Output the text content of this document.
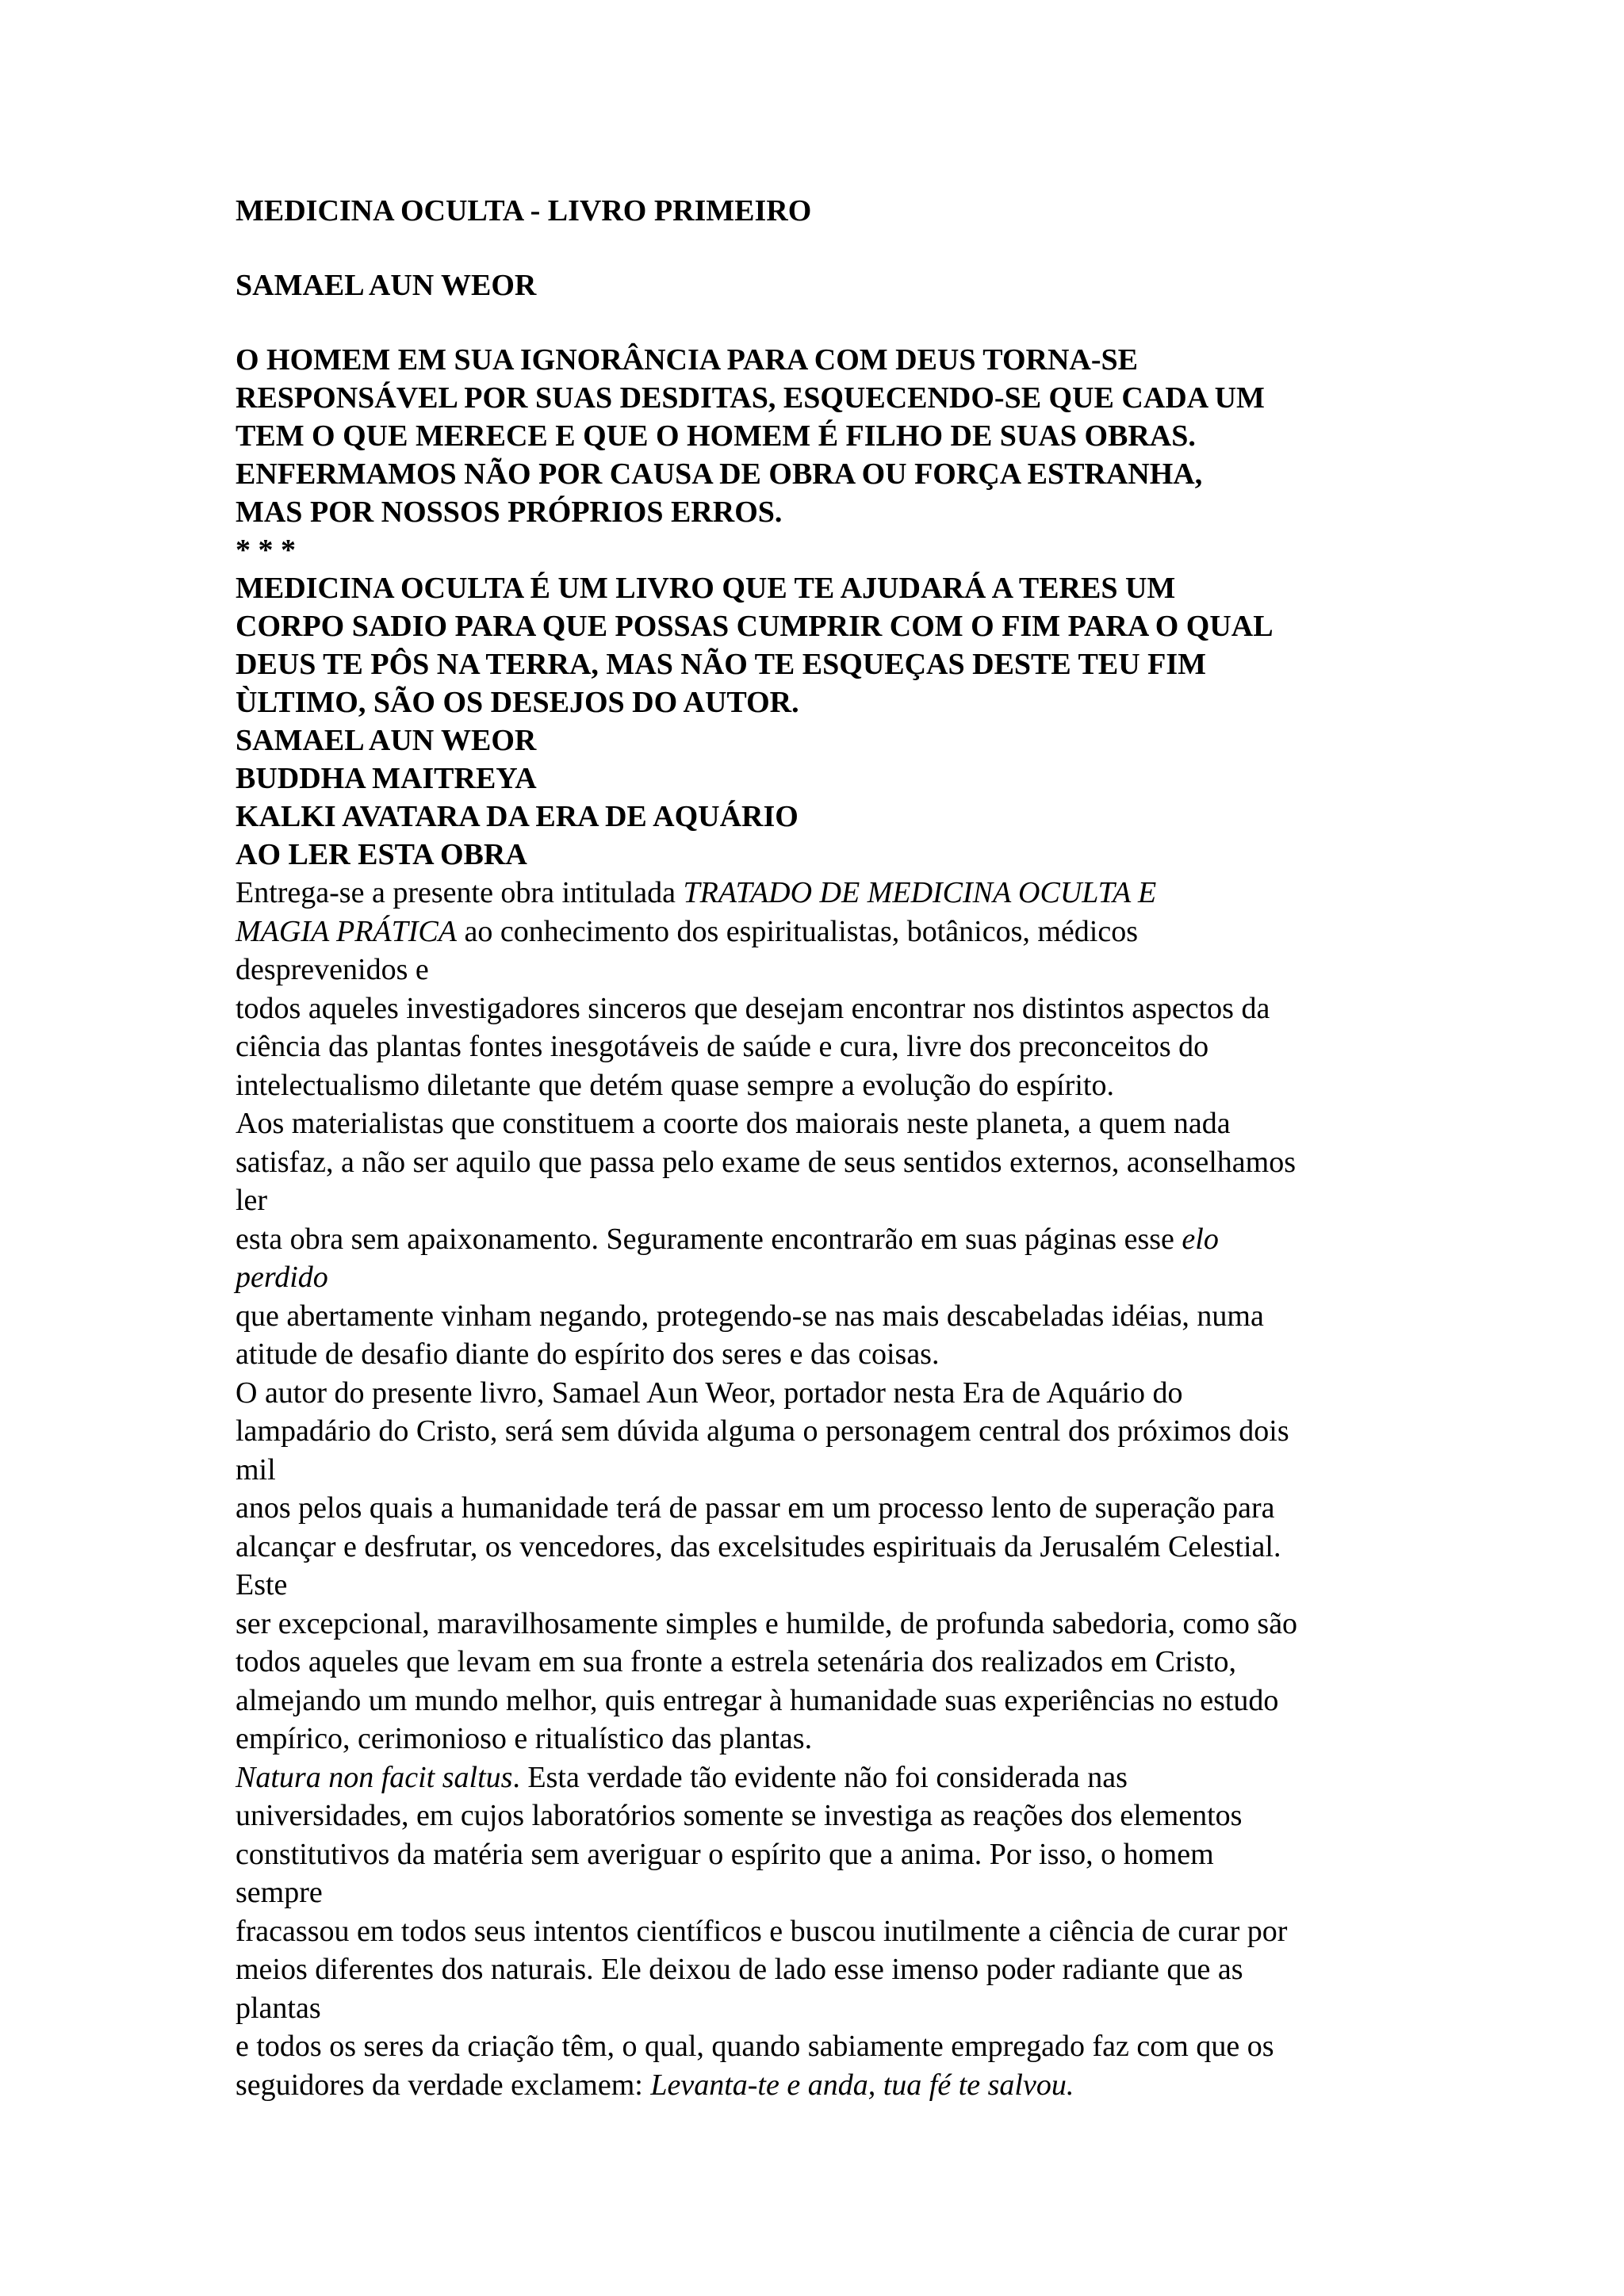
MEDICINA OCULTA - LIVRO PRIMEIRO

SAMAEL AUN WEOR

O HOMEM EM SUA IGNORÂNCIA PARA COM DEUS TORNA-SE
RESPONSÁVEL POR SUAS DESDITAS, ESQUECENDO-SE QUE CADA UM
TEM O QUE MERECE E QUE O HOMEM É FILHO DE SUAS OBRAS.
ENFERMAMOS NÃO POR CAUSA DE OBRA OU FORÇA ESTRANHA,
MAS POR NOSSOS PRÓPRIOS ERROS.
* * *
MEDICINA OCULTA É UM LIVRO QUE TE AJUDARÁ A TERES UM
CORPO SADIO PARA QUE POSSAS CUMPRIR COM O FIM PARA O QUAL
DEUS TE PÔS NA TERRA, MAS NÃO TE ESQUEÇAS DESTE TEU FIM
ÙLTIMO, SÃO OS DESEJOS DO AUTOR.
SAMAEL AUN WEOR
BUDDHA MAITREYA
KALKI AVATARA DA ERA DE AQUÁRIO
AO LER ESTA OBRA
Entrega-se a presente obra intitulada TRATADO DE MEDICINA OCULTA E
MAGIA PRÁTICA ao conhecimento dos espiritualistas, botânicos, médicos
desprevenidos e
todos aqueles investigadores sinceros que desejam encontrar nos distintos aspectos da
ciência das plantas fontes inesgotáveis de saúde e cura, livre dos preconceitos do
intelectualismo diletante que detém quase sempre a evolução do espírito.
Aos materialistas que constituem a coorte dos maiorais neste planeta, a quem nada
satisfaz, a não ser aquilo que passa pelo exame de seus sentidos externos, aconselhamos
ler
esta obra sem apaixonamento. Seguramente encontrarão em suas páginas esse elo
perdido
que abertamente vinham negando, protegendo-se nas mais descabeladas idéias, numa
atitude de desafio diante do espírito dos seres e das coisas.
O autor do presente livro, Samael Aun Weor, portador nesta Era de Aquário do
lampadário do Cristo, será sem dúvida alguma o personagem central dos próximos dois
mil
anos pelos quais a humanidade terá de passar em um processo lento de superação para
alcançar e desfrutar, os vencedores, das excelsitudes espirituais da Jerusalém Celestial.
Este
ser excepcional, maravilhosamente simples e humilde, de profunda sabedoria, como são
todos aqueles que levam em sua fronte a estrela setenária dos realizados em Cristo,
almejando um mundo melhor, quis entregar à humanidade suas experiências no estudo
empírico, cerimonioso e ritualístico das plantas.
Natura non facit saltus. Esta verdade tão evidente não foi considerada nas
universidades, em cujos laboratórios somente se investiga as reações dos elementos
constitutivos da matéria sem averiguar o espírito que a anima. Por isso, o homem
sempre
fracassou em todos seus intentos científicos e buscou inutilmente a ciência de curar por
meios diferentes dos naturais. Ele deixou de lado esse imenso poder radiante que as
plantas
e todos os seres da criação têm, o qual, quando sabiamente empregado faz com que os
seguidores da verdade exclamem: Levanta-te e anda, tua fé te salvou.
